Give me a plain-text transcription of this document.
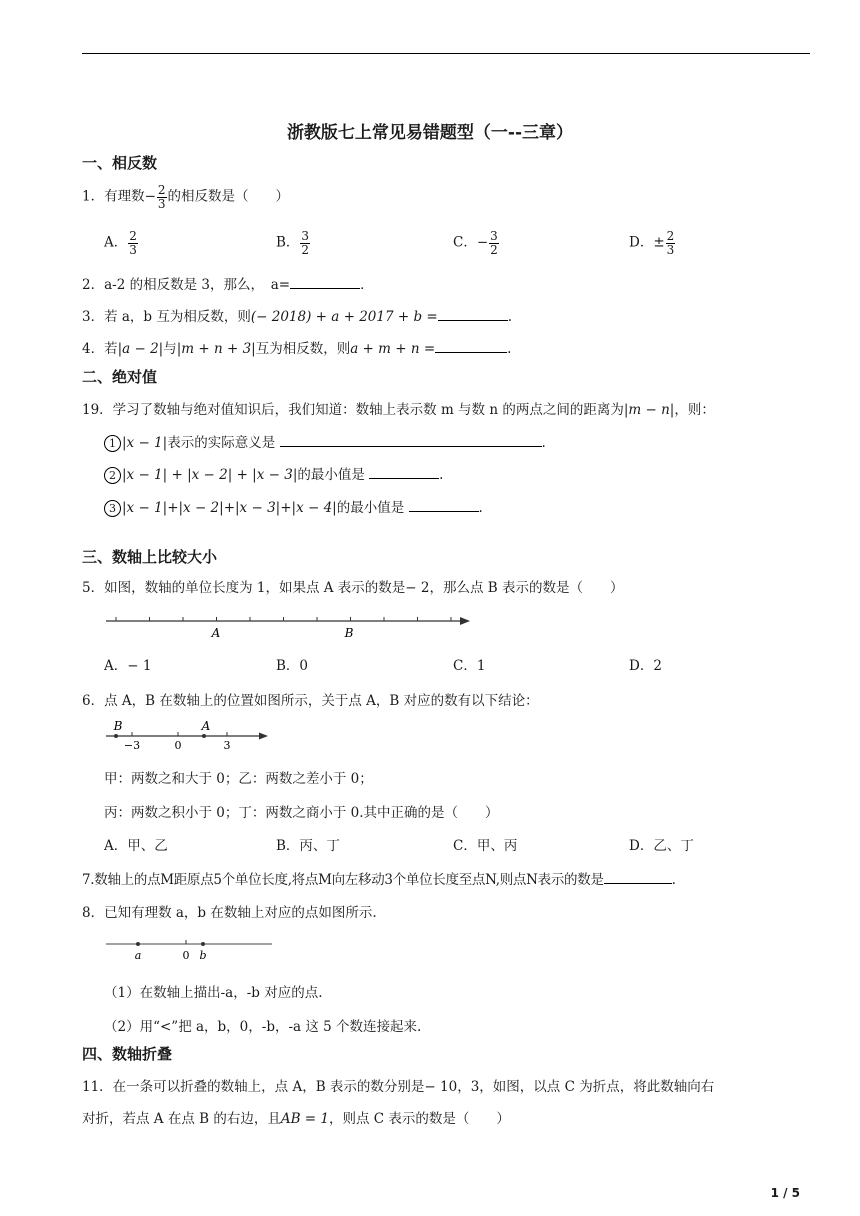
浙教版七上常见易错题型（一--三章）
一、相反数
1．有理数− $\frac{2}{3}$ 的相反数是（　　）
A． $\frac{2}{3}$	B． $\frac{3}{2}$	C．− $\frac{3}{2}$	D．± $\frac{2}{3}$
2．a-2 的相反数是 3，那么，　a=	．
3．若 a，b 互为相反数，则(− 2018) + a + 2017 + b =	.
4．若|a − 2|与|m + n + 3|互为相反数，则a + m + n =	.
二、绝对值
19．学习了数轴与绝对值知识后，我们知道：数轴上表示数 m 与数 n 的两点之间的距离为|m − n|，则：
1 |x − 1|表示的实际意义是	.
2 |x − 1| + |x − 2| + |x − 3|的最小值是	.
3 |x − 1|+|x − 2|+|x − 3|+|x − 4|的最小值是	.
三、数轴上比较大小
5．如图，数轴的单位长度为 1，如果点 A 表示的数是− 2，那么点 B 表示的数是（　　）
A	B
A．− 1	B．0	C．1	D．2
6．点 A，B 在数轴上的位置如图所示，关于点 A，B 对应的数有以下结论：
B	A
−3	0	3
甲：两数之和大于 0；乙：两数之差小于 0；
丙：两数之积小于 0；丁：两数之商小于 0.其中正确的是（　　）
A．甲、乙	B．丙、丁	C．甲、丙	D．乙、丁
7.数轴上的点M距原点5个单位长度,将点M向左移动3个单位长度至点N,则点N表示的数是	.
8．已知有理数 a，b 在数轴上对应的点如图所示.
a	0 b
（1）在数轴上描出-a，-b 对应的点.
（2）用“<”把 a，b，0，-b，-a 这 5 个数连接起来.
四、数轴折叠
11．在一条可以折叠的数轴上，点 A，B 表示的数分别是− 10，3，如图，以点 C 为折点，将此数轴向右
对折，若点 A 在点 B 的右边，且AB = 1，则点 C 表示的数是（　　）
1 / 5
